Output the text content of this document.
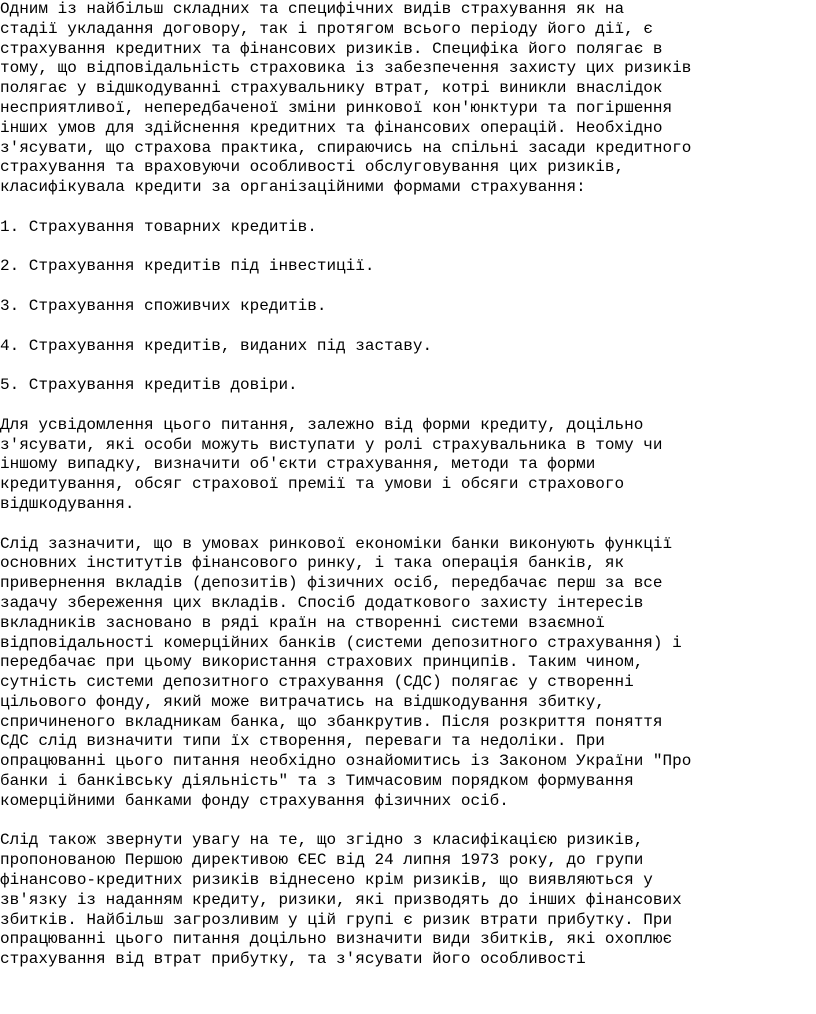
Одним із найбільш складних та специфічних видів страхування як на
стадії укладання договору, так і протягом всього періоду його дії, є
страхування кредитних та фінансових ризиків. Специфіка його полягає в
тому, що відповідальність страховика із забезпечення захисту цих ризиків
полягає у відшкодуванні страхувальнику втрат, котрі виникли внаслідок
несприятливої, непередбаченої зміни ринкової кон'юнктури та погіршення
інших умов для здійснення кредитних та фінансових операцій. Необхідно
з'ясувати, що страхова практика, спираючись на спільні засади кредитного
страхування та враховуючи особливості обслуговування цих ризиків,
класифікувала кредити за організаційними формами страхування:
1. Страхування товарних кредитів.
2. Страхування кредитів під інвестиції.
3. Страхування споживчих кредитів.
4. Страхування кредитів, виданих під заставу.
5. Страхування кредитів довіри.
Для усвідомлення цього питання, залежно від форми кредиту, доцільно
з'ясувати, які особи можуть виступати у ролі страхувальника в тому чи
іншому випадку, визначити об'єкти страхування, методи та форми
кредитування, обсяг страхової премії та умови і обсяги страхового
відшкодування.
Слід зазначити, що в умовах ринкової економіки банки виконують функції
основних інститутів фінансового ринку, і така операція банків, як
привернення вкладів (депозитів) фізичних осіб, передбачає перш за все
задачу збереження цих вкладів. Спосіб додаткового захисту інтересів
вкладників засновано в ряді країн на створенні системи взаємної
відповідальності комерційних банків (системи депозитного страхування) і
передбачає при цьому використання страхових принципів. Таким чином,
сутність системи депозитного страхування (СДС) полягає у створенні
цільового фонду, який може витрачатись на відшкодування збитку,
спричиненого вкладникам банка, що збанкрутив. Після розкриття поняття
СДС слід визначити типи їх створення, переваги та недоліки. При
опрацюванні цього питання необхідно ознайомитись із Законом України "Про
банки і банківську діяльність" та з Тимчасовим порядком формування
комерційними банками фонду страхування фізичних осіб.
Слід також звернути увагу на те, що згідно з класифікацією ризиків,
пропонованою Першою директивою ЄЕС від 24 липня 1973 року, до групи
фінансово-кредитних ризиків віднесено крім ризиків, що виявляються у
зв'язку із наданням кредиту, ризики, які призводять до інших фінансових
збитків. Найбільш загрозливим у цій групі є ризик втрати прибутку. При
опрацюванні цього питання доцільно визначити види збитків, які охоплює
страхування від втрат прибутку, та з'ясувати його особливості
